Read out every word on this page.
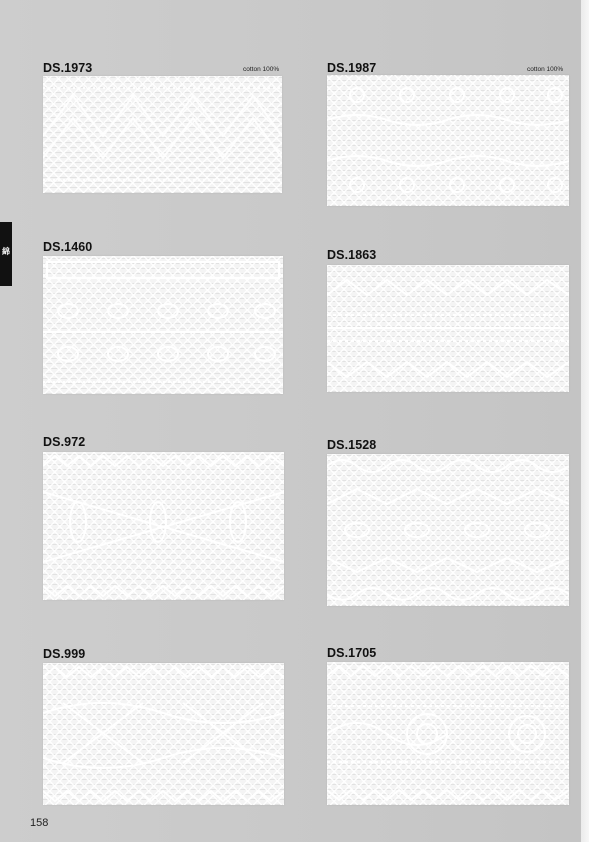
綿
DS.1973	cotton 100%	DS.1987	cotton 100%
DS.1460
DS.1863
DS.972	DS.1528
DS.999	DS.1705
158
